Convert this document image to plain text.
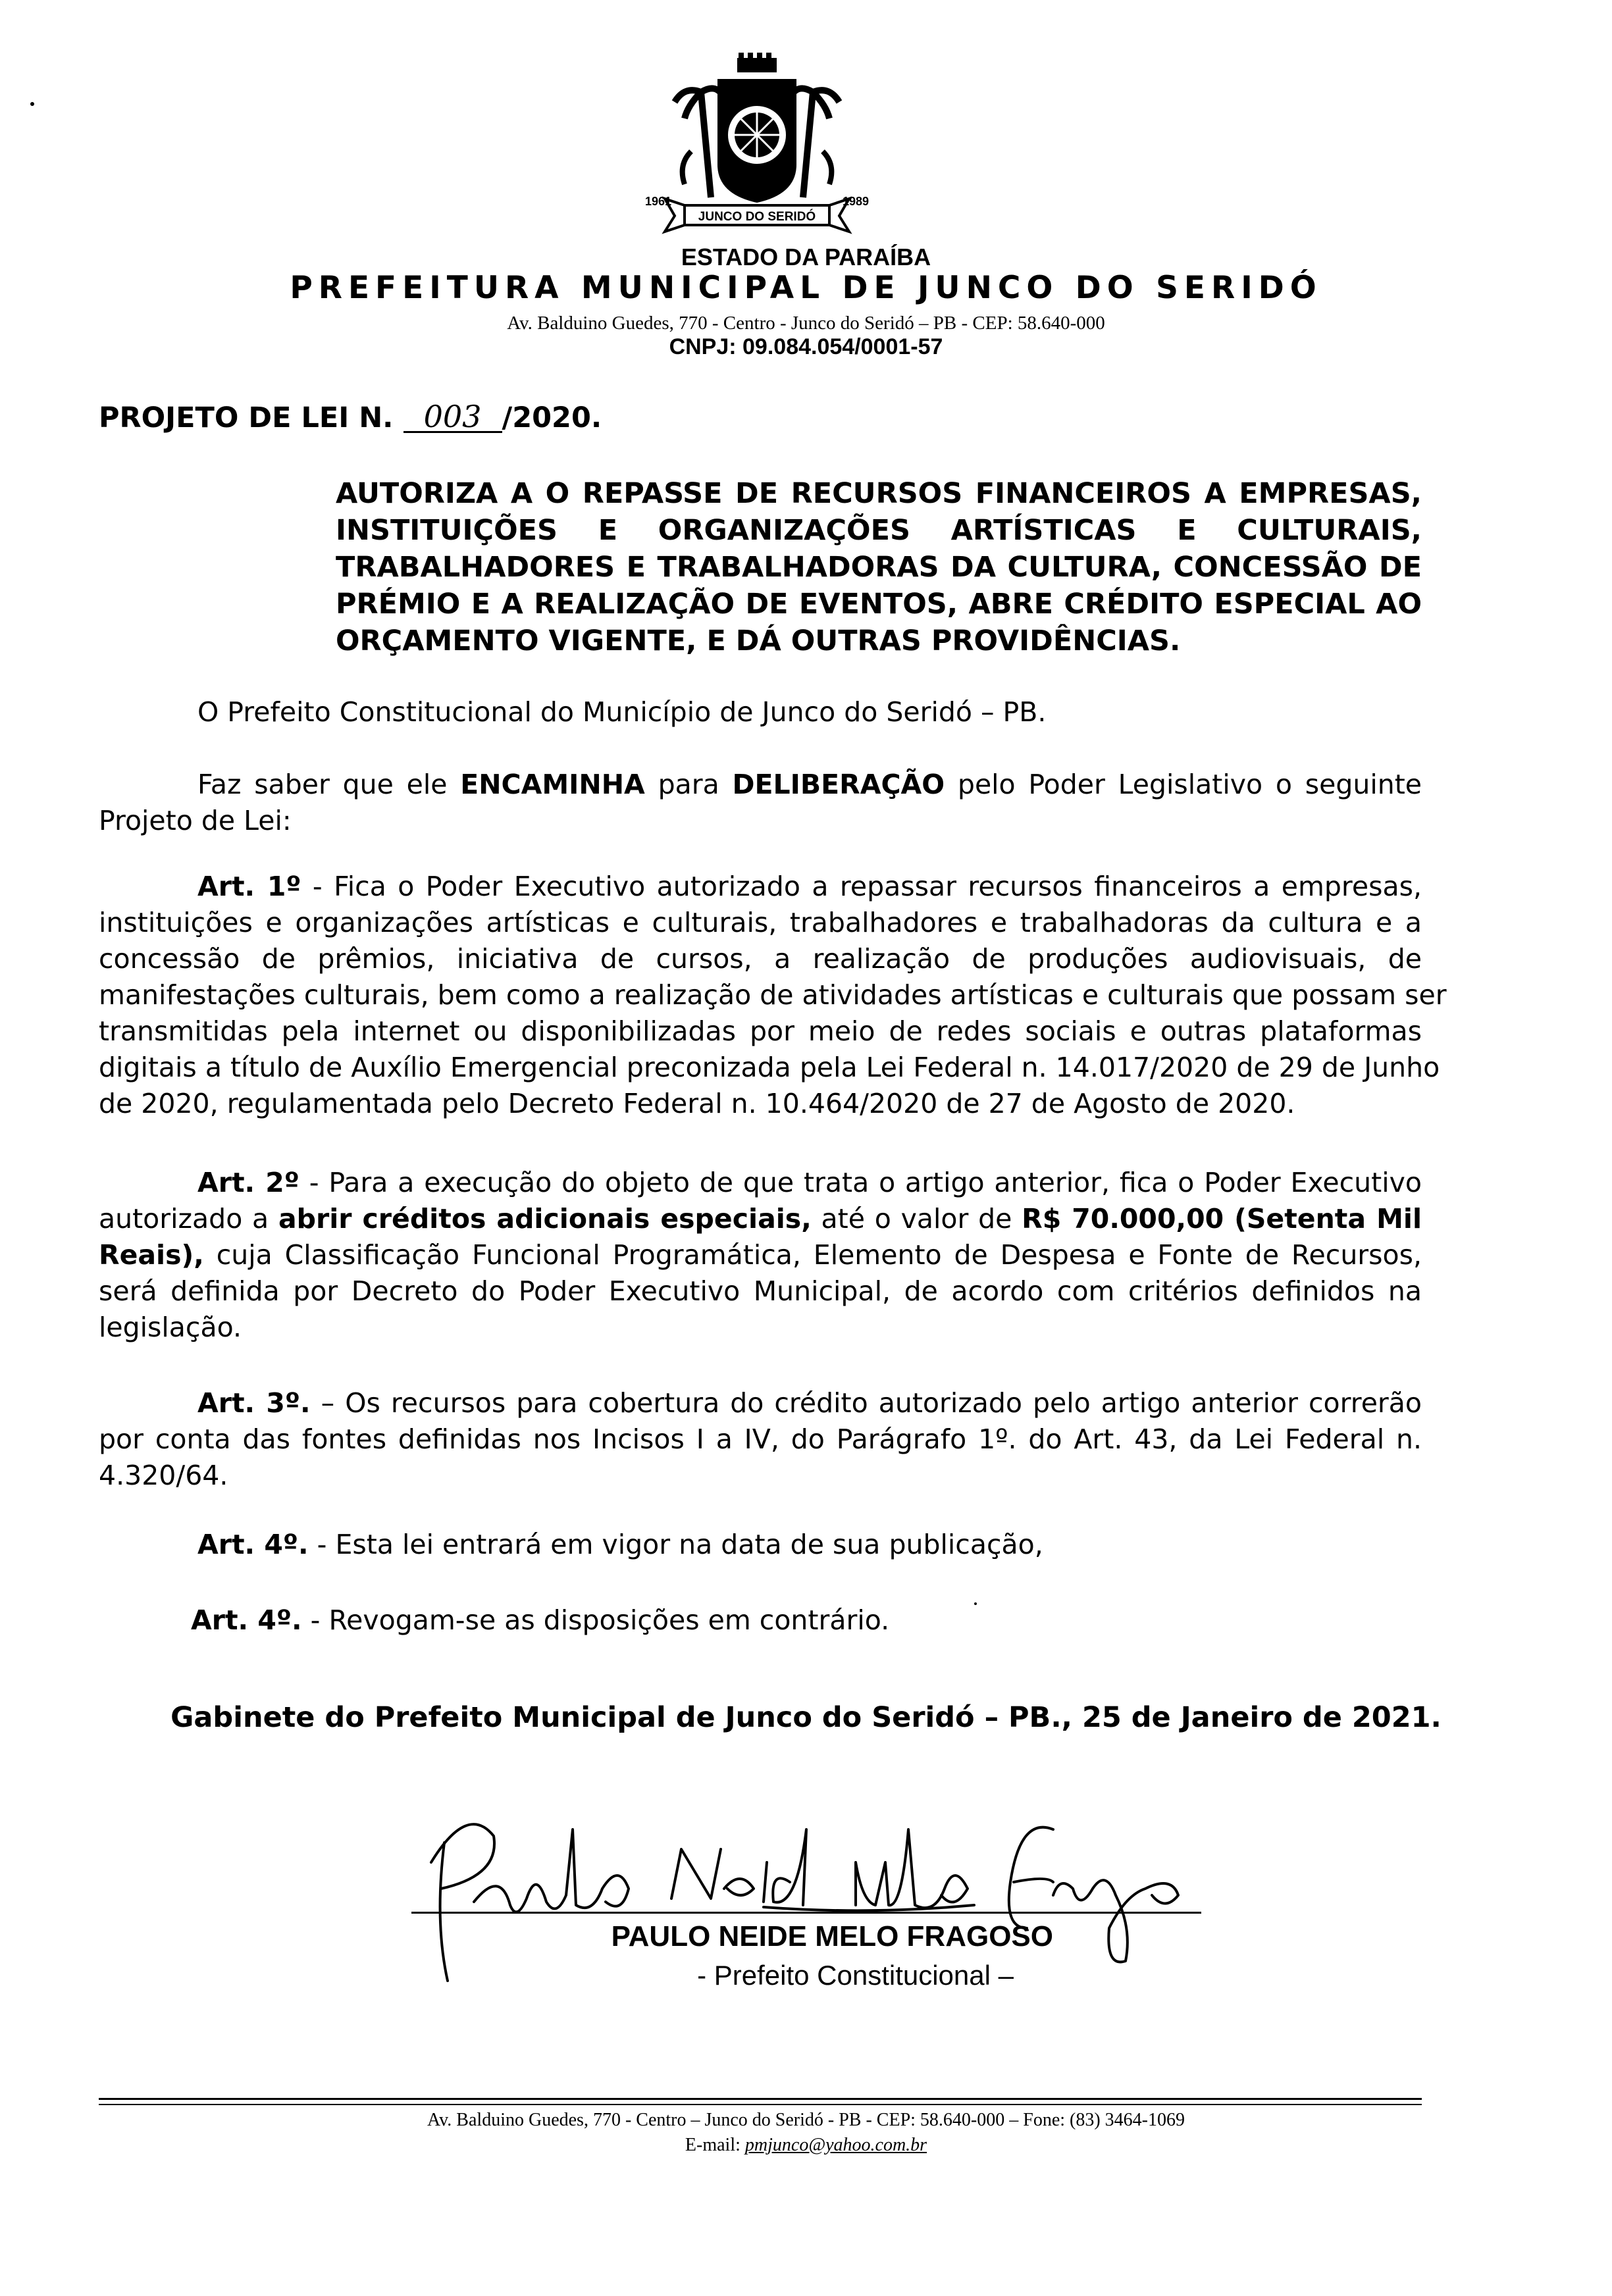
JUNCO DO SERIDÓ
1961	1989
ESTADO DA PARAÍBA
PREFEITURA MUNICIPAL DE JUNCO DO SERIDÓ
Av. Balduino Guedes, 770 - Centro - Junco do Seridó – PB - CEP: 58.640-000
CNPJ: 09.084.054/0001-57
PROJETO DE LEI N. 003 /2020.
AUTORIZA A O REPASSE DE RECURSOS FINANCEIROS A EMPRESAS,
INSTITUIÇÕES E ORGANIZAÇÕES ARTÍSTICAS E CULTURAIS,
TRABALHADORES E TRABALHADORAS DA CULTURA, CONCESSÃO DE
PRÉMIO E A REALIZAÇÃO DE EVENTOS, ABRE CRÉDITO ESPECIAL AO
ORÇAMENTO VIGENTE, E DÁ OUTRAS PROVIDÊNCIAS.
O Prefeito Constitucional do Município de Junco do Seridó – PB.
Faz saber que ele ENCAMINHA para DELIBERAÇÃO pelo Poder Legislativo o seguinte
Projeto de Lei:
Art. 1º - Fica o Poder Executivo autorizado a repassar recursos financeiros a empresas,
instituições e organizações artísticas e culturais, trabalhadores e trabalhadoras da cultura e a
concessão de prêmios, iniciativa de cursos, a realização de produções audiovisuais, de
manifestações culturais, bem como a realização de atividades artísticas e culturais que possam ser
transmitidas pela internet ou disponibilizadas por meio de redes sociais e outras plataformas
digitais a título de Auxílio Emergencial preconizada pela Lei Federal n. 14.017/2020 de 29 de Junho
de 2020, regulamentada pelo Decreto Federal n. 10.464/2020 de 27 de Agosto de 2020.
Art. 2º - Para a execução do objeto de que trata o artigo anterior, fica o Poder Executivo
autorizado a abrir créditos adicionais especiais, até o valor de R$ 70.000,00 (Setenta Mil
Reais), cuja Classificação Funcional Programática, Elemento de Despesa e Fonte de Recursos,
será definida por Decreto do Poder Executivo Municipal, de acordo com critérios definidos na
legislação.
Art. 3º. – Os recursos para cobertura do crédito autorizado pelo artigo anterior correrão
por conta das fontes definidas nos Incisos I a IV, do Parágrafo 1º. do Art. 43, da Lei Federal n.
4.320/64.
Art. 4º. - Esta lei entrará em vigor na data de sua publicação,
Art. 4º. - Revogam-se as disposições em contrário.
Gabinete do Prefeito Municipal de Junco do Seridó – PB., 25 de Janeiro de 2021.
PAULO NEIDE MELO FRAGOSO
- Prefeito Constitucional –
Av. Balduino Guedes, 770 - Centro – Junco do Seridó - PB - CEP: 58.640-000 – Fone: (83) 3464-1069
E-mail: pmjunco@yahoo.com.br
